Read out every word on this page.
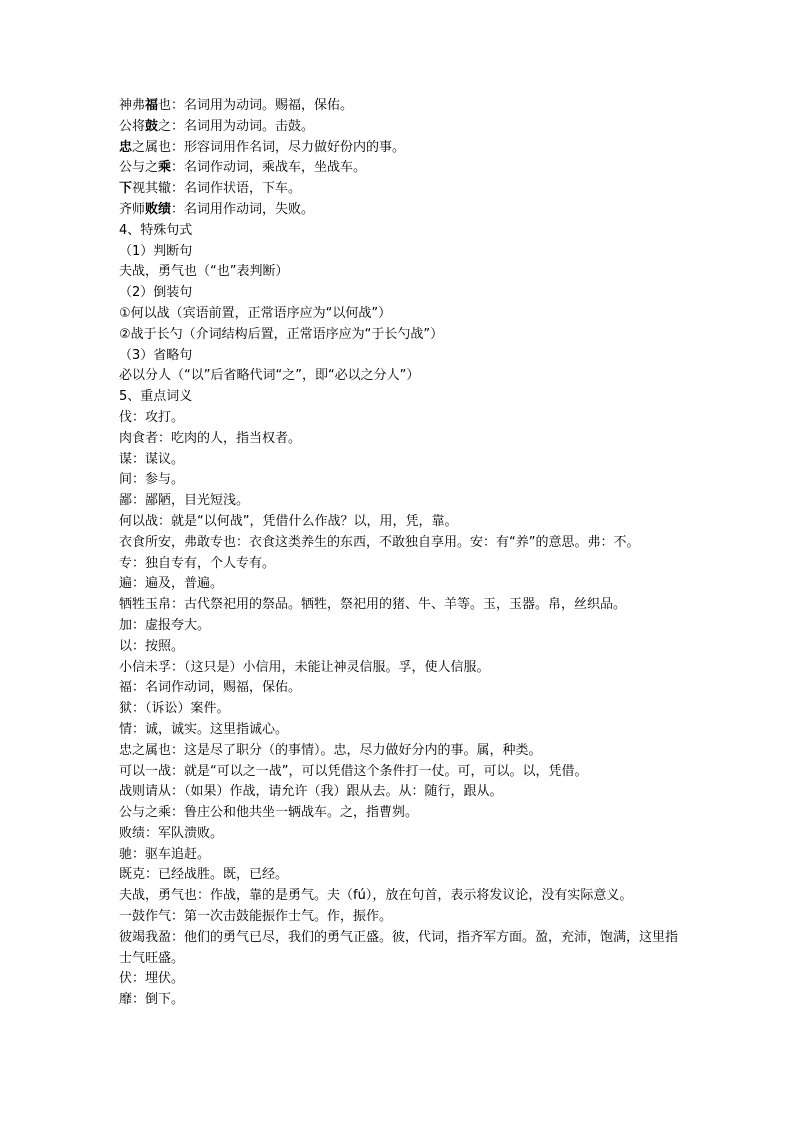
神弗福也：名词用为动词。赐福，保佑。
公将鼓之：名词用为动词。击鼓。
忠之属也：形容词用作名词，尽力做好份内的事。
公与之乘：名词作动词，乘战车，坐战车。
下视其辙：名词作状语，下车。
齐师败绩：名词用作动词，失败。
4、特殊句式
（1）判断句
夫战，勇气也（“也”表判断）
（2）倒装句
①何以战（宾语前置，正常语序应为“以何战”）
②战于长勺（介词结构后置，正常语序应为“于长勺战”）
（3）省略句
必以分人（“以”后省略代词“之”，即“必以之分人”）
5、重点词义
伐：攻打。
肉食者：吃肉的人，指当权者。
谋：谋议。
间：参与。
鄙：鄙陋，目光短浅。
何以战：就是“以何战”，凭借什么作战？以，用，凭，靠。
衣食所安，弗敢专也：衣食这类养生的东西，不敢独自享用。安：有“养”的意思。弗：不。
专：独自专有，个人专有。
遍：遍及，普遍。
牺牲玉帛：古代祭祀用的祭品。牺牲，祭祀用的猪、牛、羊等。玉，玉器。帛，丝织品。
加：虚报夸大。
以：按照。
小信未孚：（这只是）小信用，未能让神灵信服。孚，使人信服。
福：名词作动词，赐福，保佑。
狱：（诉讼）案件。
情：诚，诚实。这里指诚心。
忠之属也：这是尽了职分（的事情）。忠，尽力做好分内的事。属，种类。
可以一战：就是“可以之一战”，可以凭借这个条件打一仗。可，可以。以，凭借。
战则请从：（如果）作战，请允许（我）跟从去。从：随行，跟从。
公与之乘：鲁庄公和他共坐一辆战车。之，指曹刿。
败绩：军队溃败。
驰：驱车追赶。
既克：已经战胜。既，已经。
夫战，勇气也：作战，靠的是勇气。夫（fú），放在句首，表示将发议论，没有实际意义。
一鼓作气：第一次击鼓能振作士气。作，振作。
彼竭我盈：他们的勇气已尽，我们的勇气正盛。彼，代词，指齐军方面。盈，充沛，饱满，这里指士气旺盛。
伏：埋伏。
靡：倒下。
